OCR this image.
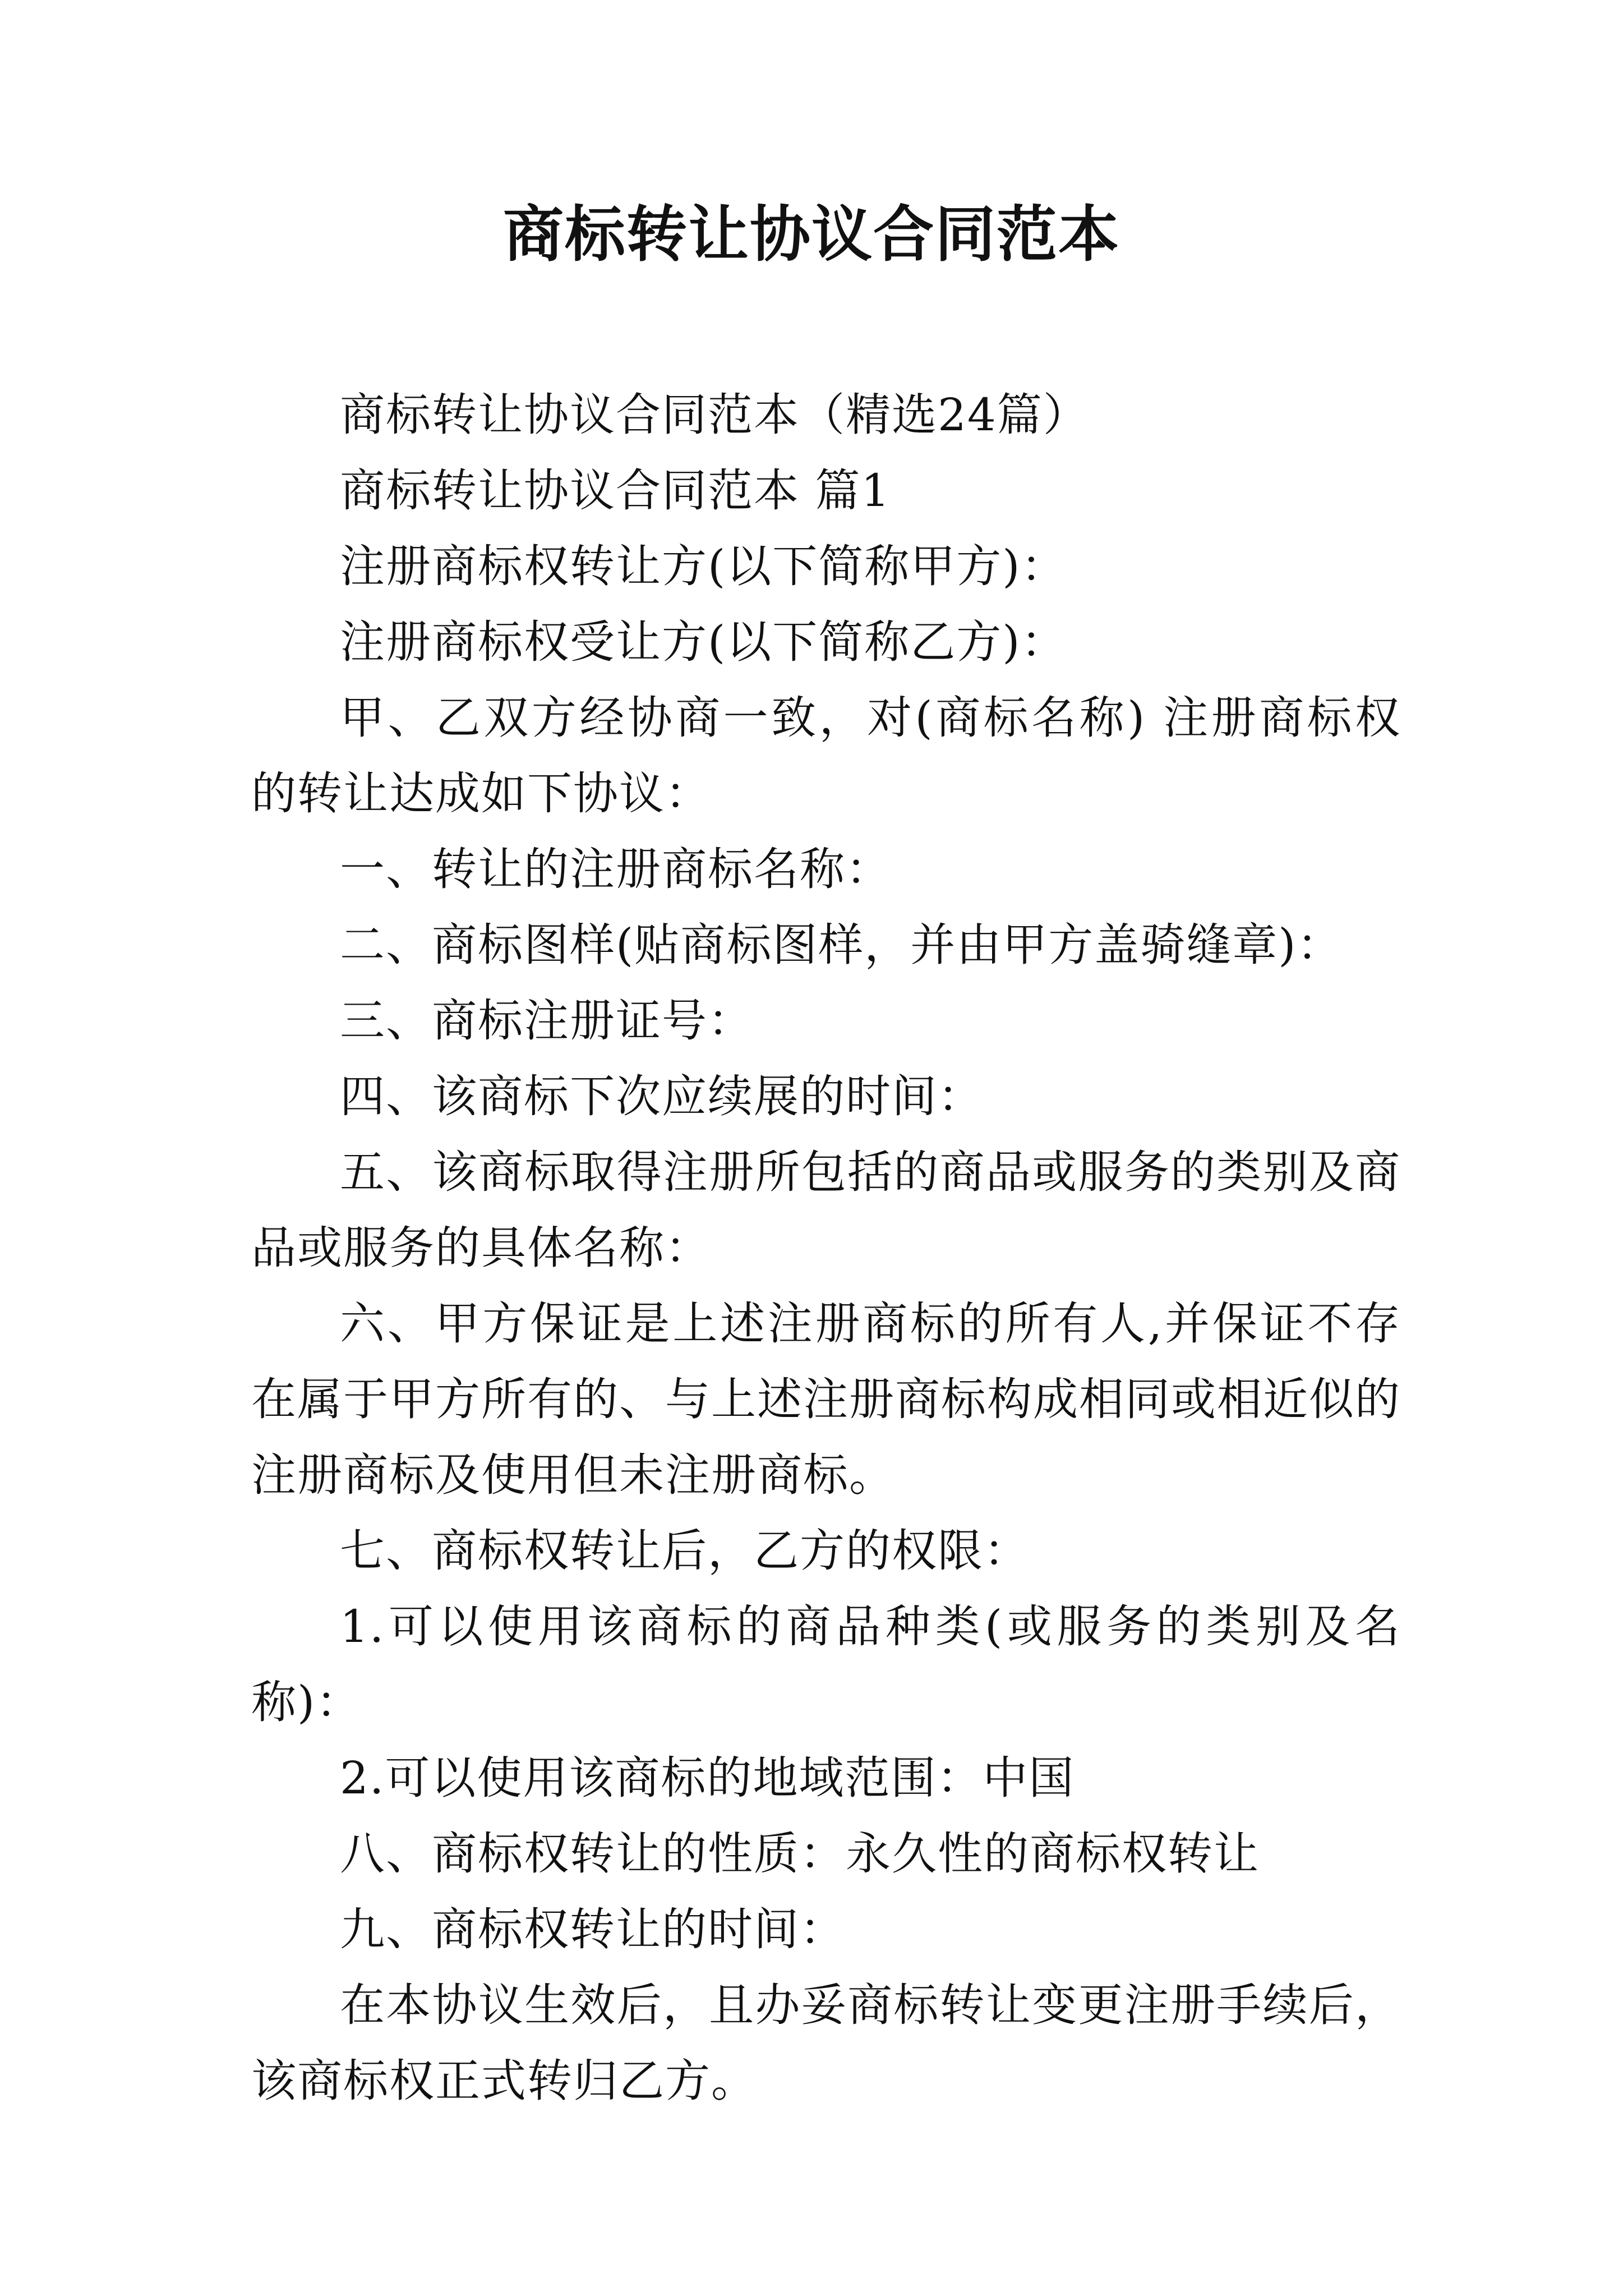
商标转让协议合同范本

商标转让协议合同范本（精选24篇）

商标转让协议合同范本 篇1

注册商标权转让方(以下简称甲方)：

注册商标权受让方(以下简称乙方)：

甲、乙双方经协商一致，对(商标名称) 注册商标权的转让达成如下协议：

一、转让的注册商标名称：

二、商标图样(贴商标图样，并由甲方盖骑缝章)：

三、商标注册证号：

四、该商标下次应续展的时间：

五、该商标取得注册所包括的商品或服务的类别及商品或服务的具体名称：

六、甲方保证是上述注册商标的所有人,并保证不存在属于甲方所有的、与上述注册商标构成相同或相近似的注册商标及使用但未注册商标。

七、商标权转让后，乙方的权限：

1.可以使用该商标的商品种类(或服务的类别及名称)：

2.可以使用该商标的地域范围：中国

八、商标权转让的性质：永久性的商标权转让

九、商标权转让的时间：

在本协议生效后，且办妥商标转让变更注册手续后，该商标权正式转归乙方。
